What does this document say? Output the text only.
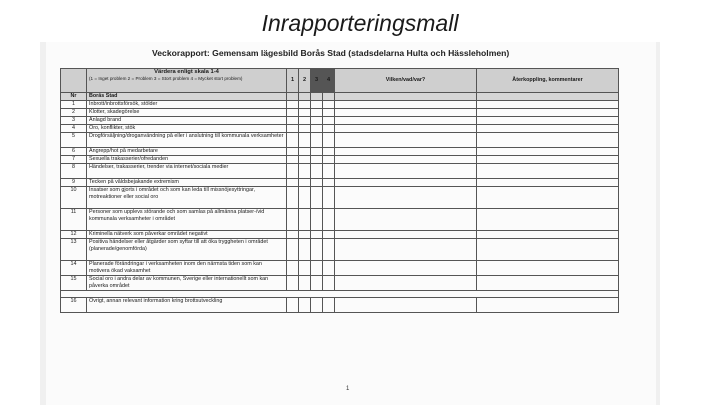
Inrapporteringsmall
Veckorapport: Gemensam lägesbild Borås Stad (stadsdelarna Hulta och Hässleholmen)

	Värdera enligt skala 1-4
(1 = Inget problem 2 = Problem 3 = Stort problem 4 = Mycket stort problem)	1	2	3	4	Vilken/vad/var?	Återkoppling, kommentarer
Nr	Borås Stad						
1	Inbrott/inbrottsförsök, stölder						
2	Klotter, skadegörelse						
3	Anlagd brand						
4	Oro, konflikter, stök						
5	Drogförsäljning/droganvändning på eller i anslutning till kommunala verksamheter						
6	Angrepp/hot på medarbetare						
7	Sexuella trakasserier/ofredanden						
8	Händelser, trakasserier, trender via internet/sociala medier						
9	Tecken på våldsbejakande extremism						
10	Insatser som gjorts i området och som kan leda till missnöjesyttringar, motreaktioner eller social oro						
11	Personer som upplevs störande och som samlas på allmänna platser-/vid kommunala verksamheter i området						
12	Kriminella nätverk som påverkar området negativt						
13	Positiva händelser eller åtgärder som syftar till att öka tryggheten i området (planerade/genomförda)						
14	Planerade förändringar i verksamheten inom den närmsta tiden som kan motivera ökad vaksamhet						
15	Social oro i andra delar av kommunen, Sverige eller internationellt som kan påverka området						

16	Övrigt, annan relevant information kring brottsutveckling						
1
